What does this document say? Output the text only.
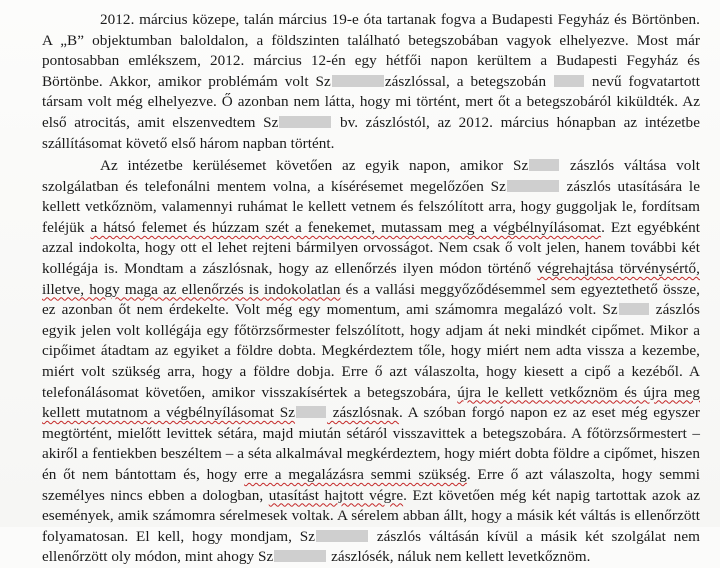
2012. március közepe, talán március 19-e óta tartanak fogva a Budapesti Fegyház és Börtönben. A „B” objektumban baloldalon, a földszinten található betegszobában vagyok elhelyezve. Most már pontosabban emlékszem, 2012. március 12-én egy hétfői napon kerültem a Budapesti Fegyház és Börtönbe. Akkor, amikor problémám volt Sz	zászlóssal, a betegszobán  nevű fogvatartott társam volt még elhelyezve. Ő azonban nem látta, hogy mi történt, mert őt a betegszobáról kiküldték. Az első atrocitás, amit elszenvedtem Sz	bv. zászlóstól, az 2012. március hónapban az intézetbe szállításomat követő első három napban történt.

Az intézetbe kerülésemet követően az egyik napon, amikor Sz zászlós váltása volt szolgálatban és telefonálni mentem volna, a kísérésemet megelőzően Sz	zászlós utasítására le kellett vetkőznöm, valamennyi ruhámat le kellett vetnem és felszólított arra, hogy guggoljak le, fordítsam feléjük a hátsó felemet és húzzam szét a fenekemet, mutassam meg a végbélnyílásomat. Ezt egyébként azzal indokolta, hogy ott el lehet rejteni bármilyen orvosságot. Nem csak ő volt jelen, hanem további két kollégája is. Mondtam a zászlósnak, hogy az ellenőrzés ilyen módon történő végrehajtása törvénysértő, illetve, hogy maga az ellenőrzés is indokolatlan és a vallási meggyőződésemmel sem egyeztethető össze, ez azonban őt nem érdekelte. Volt még egy momentum, ami számomra megalázó volt. Sz zászlós egyik jelen volt kollégája egy főtörzsőrmester felszólított, hogy adjam át neki mindkét cipőmet. Mikor a cipőimet átadtam az egyiket a földre dobta. Megkérdeztem tőle, hogy miért nem adta vissza a kezembe, miért volt szükség arra, hogy a földre dobja. Erre ő azt válaszolta, hogy kiesett a cipő a kezéből. A telefonálásomat követően, amikor visszakísértek a betegszobára, újra le kellett vetkőznöm és újra meg kellett mutatnom a végbélnyílásomat Sz zászlósnak. A szóban forgó napon ez az eset még egyszer megtörtént, mielőtt levittek sétára, majd miután sétáról visszavittek a betegszobára. A főtörzsőrmestert – akiről a fentiekben beszéltem – a séta alkalmával megkérdeztem, hogy miért dobta földre a cipőmet, hiszen én őt nem bántottam és, hogy erre a megalázásra semmi szükség. Erre ő azt válaszolta, hogy semmi személyes nincs ebben a dologban, utasítást hajtott végre. Ezt követően még két napig tartottak azok az események, amik számomra sérelmesek voltak. A sérelem abban állt, hogy a másik két váltás is ellenőrzött folyamatosan. El kell, hogy mondjam, Sz	zászlós váltásán kívül a másik két szolgálat nem ellenőrzött oly módon, mint ahogy Sz	zászlósék, náluk nem kellett levetkőznöm.
